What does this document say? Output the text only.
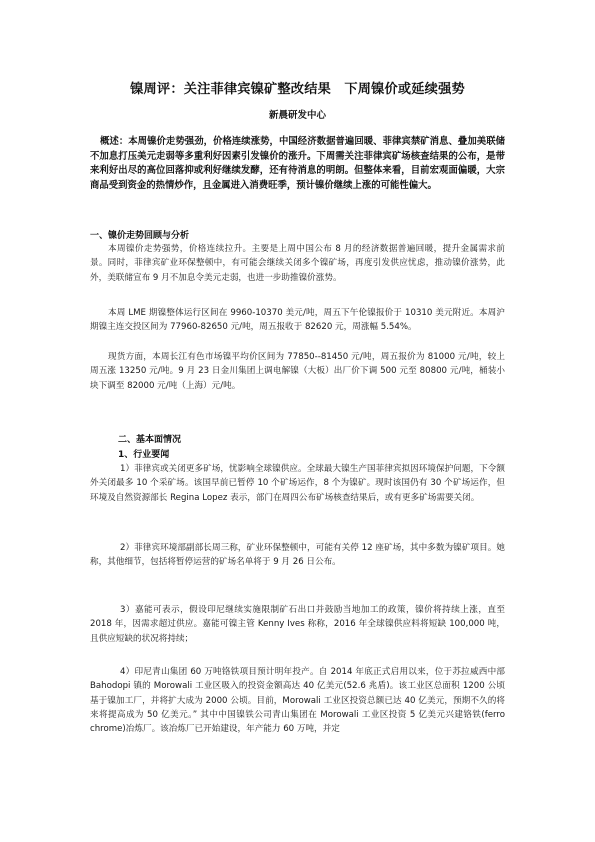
镍周评：关注菲律宾镍矿整改结果　下周镍价或延续强势
新晨研发中心

概述：本周镍价走势强劲，价格连续涨势，中国经济数据普遍回暖、菲律宾禁矿消息、叠加美联储不加息打压美元走弱等多重利好因素引发镍价的涨升。下周需关注菲律宾矿场核查结果的公布，是带来利好出尽的高位回落抑或利好继续发酵，还有待消息的明朗。但整体来看，目前宏观面偏暖，大宗商品受到资金的热情炒作，且金属进入消费旺季，预计镍价继续上涨的可能性偏大。

一、镍价走势回顾与分析

本周镍价走势强势，价格连续拉升。主要是上周中国公布 8 月的经济数据普遍回暖，提升金属需求前景。同时，菲律宾矿业环保整顿中，有可能会继续关闭多个镍矿场，再度引发供应忧虑，推动镍价涨势，此外，美联储宣布 9 月不加息令美元走弱，也进一步助推镍价涨势。

本周 LME 期镍整体运行区间在 9960-10370 美元/吨，周五下午伦镍报价于 10310 美元附近。本周沪期镍主连交投区间为 77960-82650 元/吨，周五报收于 82620 元，周涨幅 5.54%。

现货方面，本周长江有色市场镍平均价区间为 77850--81450 元/吨，周五报价为 81000 元/吨，较上周五涨 13250 元/吨。9 月 23 日金川集团上调电解镍（大板）出厂价下调 500 元至 80800 元/吨，桶装小块下调至 82000 元/吨（上海）元/吨。

二、基本面情况

1、行业要闻

1）菲律宾或关闭更多矿场，忧影响全球镍供应。全球最大镍生产国菲律宾拟因环境保护问题，下令额外关闭最多 10 个采矿场。该国早前已暂停 10 个矿场运作，8 个为镍矿。现时该国仍有 30 个矿场运作，但环境及自然资源部长 Regina Lopez 表示，部门在周四公布矿场核查结果后，或有更多矿场需要关闭。

2）菲律宾环境部副部长周三称，矿业环保整顿中，可能有关停 12 座矿场，其中多数为镍矿项目。她称，其他细节，包括将暂停运营的矿场名单将于 9 月 26 日公布。

3）嘉能可表示，假设印尼继续实施限制矿石出口并鼓励当地加工的政策，镍价将持续上涨，直至 2018 年，因需求超过供应。嘉能可镍主管 Kenny Ives 称称，2016 年全球镍供应料将短缺 100,000 吨，且供应短缺的状况将持续；

4）印尼青山集团 60 万吨铬铁项目预计明年投产。自 2014 年底正式启用以来，位于苏拉威西中部 Bahodopi 镇的 Morowali 工业区吸入的投资金额高达 40 亿美元(52.6 兆盾)。该工业区总面积 1200 公顷基于镍加工厂，并将扩大成为 2000 公顷。目前，Morowali 工业区投资总额已达 40 亿美元，预期不久的将来将提高成为 50 亿美元。” 其中中国镍铁公司青山集团在 Morowali 工业区投资 5 亿美元兴建铬铁(ferro chrome)冶炼厂。该冶炼厂已开始建设，年产能力 60 万吨，并定
